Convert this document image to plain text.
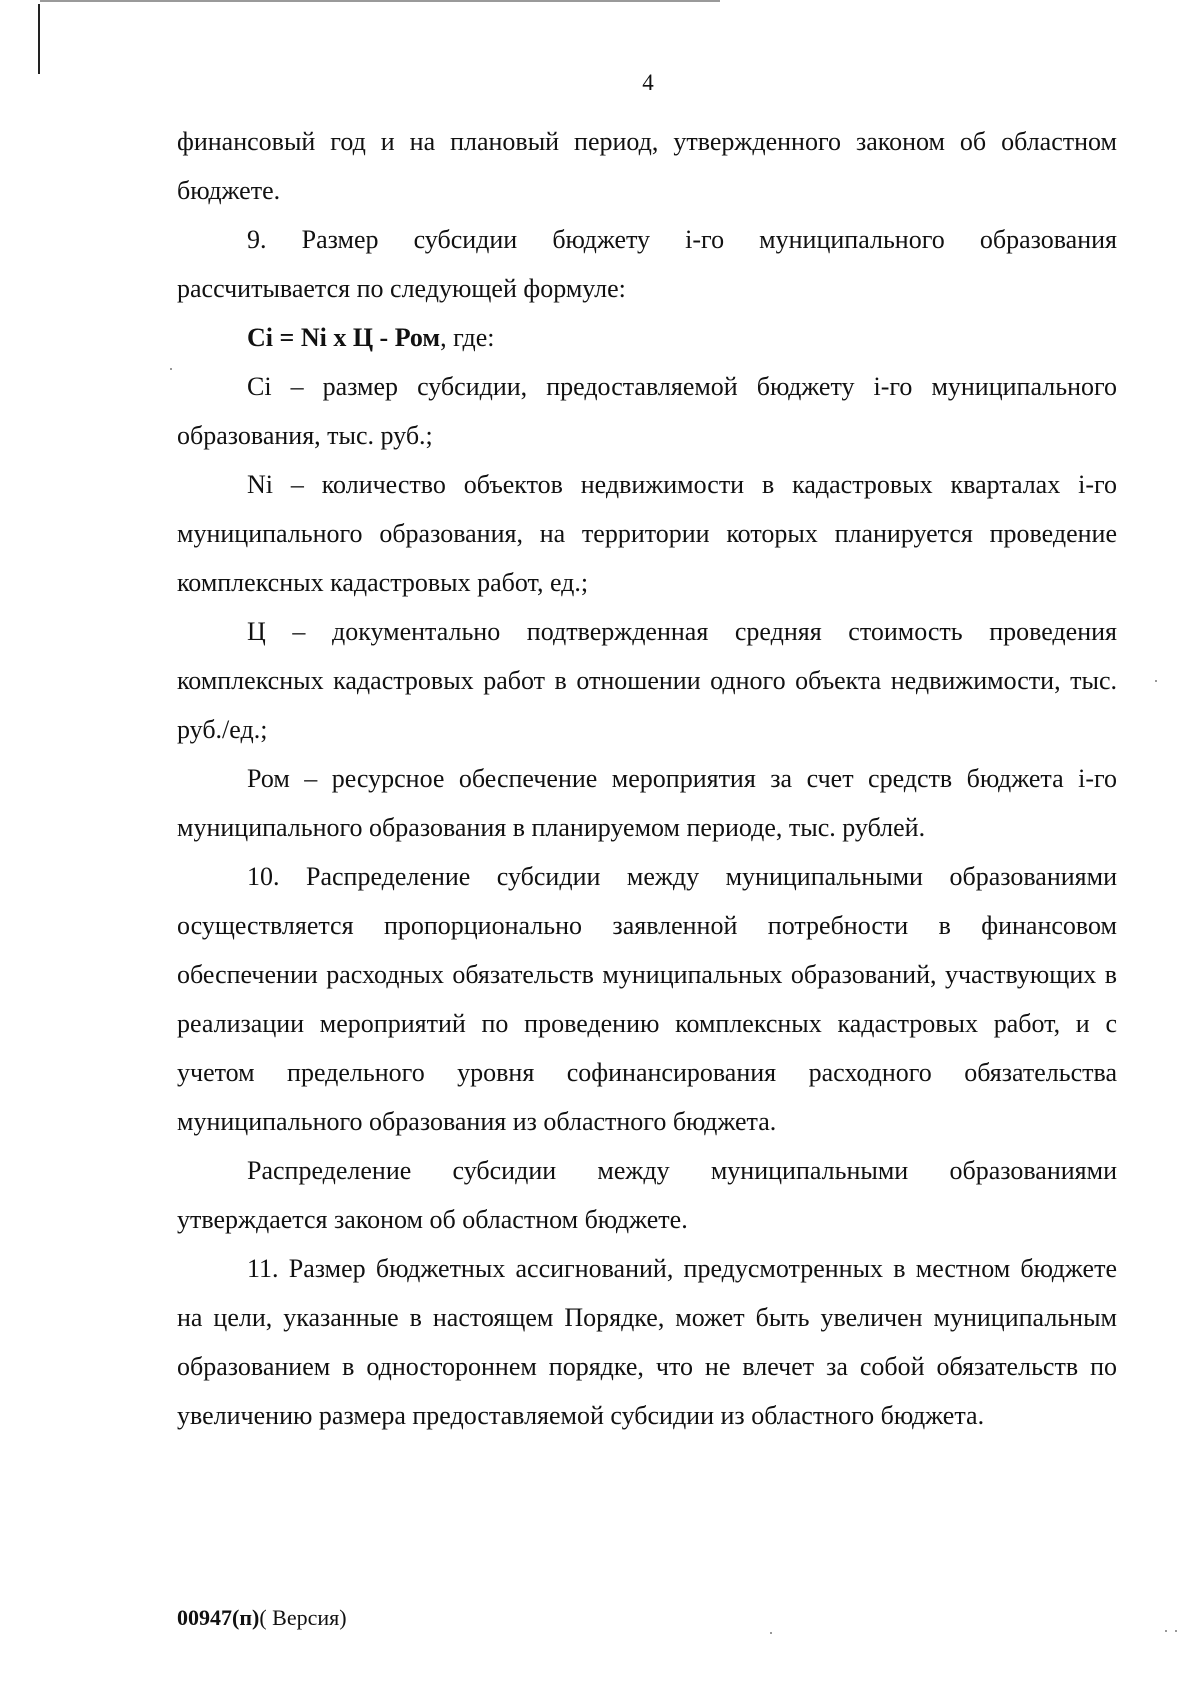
4

финансовый год и на плановый период, утвержденного законом об областном бюджете.

9. Размер субсидии бюджету i-го муниципального образования рассчитывается по следующей формуле:

Ci = Ni x Ц - Ром, где:

Ci – размер субсидии, предоставляемой бюджету i-го муниципального образования, тыс. руб.;

Ni – количество объектов недвижимости в кадастровых кварталах i-го муниципального образования, на территории которых планируется проведение комплексных кадастровых работ, ед.;

Ц – документально подтвержденная средняя стоимость проведения комплексных кадастровых работ в отношении одного объекта недвижимости, тыс. руб./ед.;

Ром – ресурсное обеспечение мероприятия за счет средств бюджета i-го муниципального образования в планируемом периоде, тыс. рублей.

10. Распределение субсидии между муниципальными образованиями осуществляется пропорционально заявленной потребности в финансовом обеспечении расходных обязательств муниципальных образований, участвующих в реализации мероприятий по проведению комплексных кадастровых работ, и с учетом предельного уровня софинансирования расходного обязательства муниципального образования из областного бюджета.

Распределение субсидии между муниципальными образованиями утверждается законом об областном бюджете.

11. Размер бюджетных ассигнований, предусмотренных в местном бюджете на цели, указанные в настоящем Порядке, может быть увеличен муниципальным образованием в одностороннем порядке, что не влечет за собой обязательств по увеличению размера предоставляемой субсидии из областного бюджета.

00947(п)( Версия)
